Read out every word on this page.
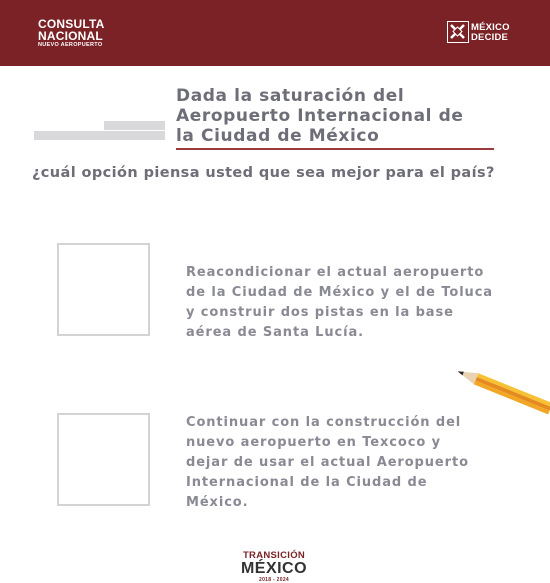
CONSULTA
NACIONAL
NUEVO AEROPUERTO
MÉXICO
DECIDE
Dada la saturación del
Aeropuerto Internacional de
la Ciudad de México
¿cuál opción piensa usted que sea mejor para el país?
Reacondicionar el actual aeropuerto
de la Ciudad de México y el de Toluca
y construir dos pistas en la base
aérea de Santa Lucía.
Continuar con la construcción del
nuevo aeropuerto en Texcoco y
dejar de usar el actual Aeropuerto
Internacional de la Ciudad de
México.
TRANSICIÓN
MÉXICO
2018 - 2024
